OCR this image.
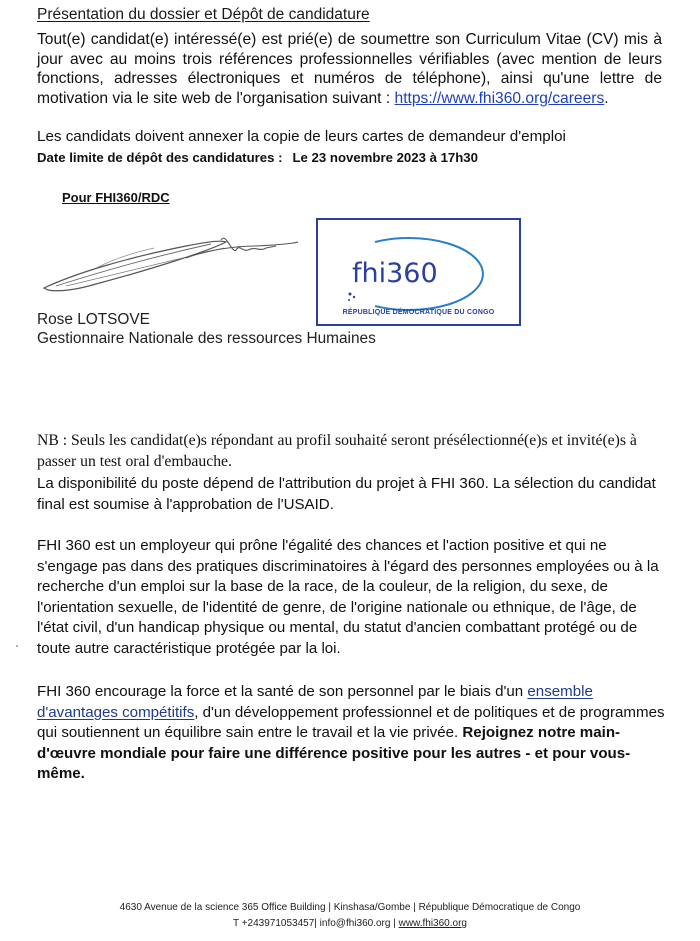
Présentation du dossier et Dépôt de candidature
Tout(e) candidat(e) intéressé(e) est prié(e) de soumettre son Curriculum Vitae (CV) mis à jour avec au moins trois références professionnelles vérifiables (avec mention de leurs fonctions, adresses électroniques et numéros de téléphone), ainsi qu'une lettre de motivation via le site web de l'organisation suivant : https://www.fhi360.org/careers.
Les candidats doivent annexer la copie de leurs cartes de demandeur d'emploi
Date limite de dépôt des candidatures : Le 23 novembre 2023 à 17h30
Pour FHI360/RDC
fhi360
RÉPUBLIQUE DÉMOCRATIQUE DU CONGO
Rose LOTSOVE
Gestionnaire Nationale des ressources Humaines
NB : Seuls les candidat(e)s répondant au profil souhaité seront présélectionné(e)s et invité(e)s à passer un test oral d'embauche.
La disponibilité du poste dépend de l'attribution du projet à FHI 360. La sélection du candidat final est soumise à l'approbation de l'USAID.
FHI 360 est un employeur qui prône l'égalité des chances et l'action positive et qui ne s'engage pas dans des pratiques discriminatoires à l'égard des personnes employées ou à la recherche d'un emploi sur la base de la race, de la couleur, de la religion, du sexe, de l'orientation sexuelle, de l'identité de genre, de l'origine nationale ou ethnique, de l'âge, de l'état civil, d'un handicap physique ou mental, du statut d'ancien combattant protégé ou de toute autre caractéristique protégée par la loi.
FHI 360 encourage la force et la santé de son personnel par le biais d'un ensemble d'avantages compétitifs, d'un développement professionnel et de politiques et de programmes qui soutiennent un équilibre sain entre le travail et la vie privée. Rejoignez notre main-d'œuvre mondiale pour faire une différence positive pour les autres - et pour vous-même.
4630 Avenue de la science 365 Office Building | Kinshasa/Gombe | République Démocratique de Congo
T +243971053457| info@fhi360.org | www.fhi360.org
